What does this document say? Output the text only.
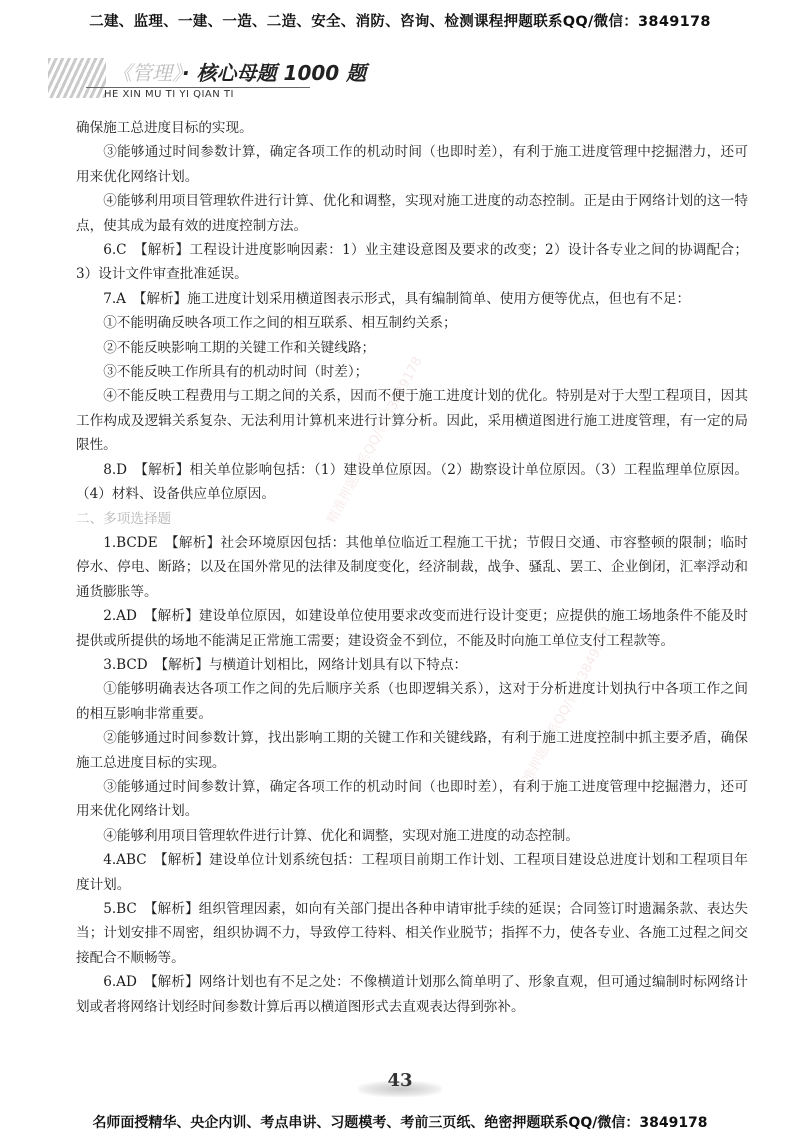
二建、监理、一建、一造、二造、安全、消防、咨询、检测课程押题联系QQ/微信：3849178
《管理》· 核心母题 1000 题
HE XIN MU TI YI QIAN TI
精准押题联系QQ/微信3849178
精准押题联系QQ/微信3849178

确保施工总进度目标的实现。

③能够通过时间参数计算，确定各项工作的机动时间（也即时差），有利于施工进度管理中挖掘潜力，还可用来优化网络计划。

④能够利用项目管理软件进行计算、优化和调整，实现对施工进度的动态控制。正是由于网络计划的这一特点，使其成为最有效的进度控制方法。

6.C　【解析】工程设计进度影响因素：1）业主建设意图及要求的改变；2）设计各专业之间的协调配合；3）设计文件审查批准延误。

7.A　【解析】施工进度计划采用横道图表示形式，具有编制简单、使用方便等优点，但也有不足：

①不能明确反映各项工作之间的相互联系、相互制约关系；

②不能反映影响工期的关键工作和关键线路；

③不能反映工作所具有的机动时间（时差）；

④不能反映工程费用与工期之间的关系，因而不便于施工进度计划的优化。特别是对于大型工程项目，因其工作构成及逻辑关系复杂、无法利用计算机来进行计算分析。因此，采用横道图进行施工进度管理，有一定的局限性。

8.D　【解析】相关单位影响包括：（1）建设单位原因。（2）勘察设计单位原因。（3）工程监理单位原因。（4）材料、设备供应单位原因。

二、多项选择题

1.BCDE　【解析】社会环境原因包括：其他单位临近工程施工干扰；节假日交通、市容整顿的限制；临时停水、停电、断路；以及在国外常见的法律及制度变化，经济制裁，战争、骚乱、罢工、企业倒闭，汇率浮动和通货膨胀等。

2.AD　【解析】建设单位原因，如建设单位使用要求改变而进行设计变更；应提供的施工场地条件不能及时提供或所提供的场地不能满足正常施工需要；建设资金不到位，不能及时向施工单位支付工程款等。

3.BCD　【解析】与横道计划相比，网络计划具有以下特点：

①能够明确表达各项工作之间的先后顺序关系（也即逻辑关系），这对于分析进度计划执行中各项工作之间的相互影响非常重要。

②能够通过时间参数计算，找出影响工期的关键工作和关键线路，有利于施工进度控制中抓主要矛盾，确保施工总进度目标的实现。

③能够通过时间参数计算，确定各项工作的机动时间（也即时差），有利于施工进度管理中挖掘潜力，还可用来优化网络计划。

④能够利用项目管理软件进行计算、优化和调整，实现对施工进度的动态控制。

4.ABC　【解析】建设单位计划系统包括：工程项目前期工作计划、工程项目建设总进度计划和工程项目年度计划。

5.BC　【解析】组织管理因素，如向有关部门提出各种申请审批手续的延误；合同签订时遗漏条款、表达失当；计划安排不周密，组织协调不力，导致停工待料、相关作业脱节；指挥不力，使各专业、各施工过程之间交接配合不顺畅等。

6.AD　【解析】网络计划也有不足之处：不像横道计划那么简单明了、形象直观，但可通过编制时标网络计划或者将网络计划经时间参数计算后再以横道图形式去直观表达得到弥补。

43
名师面授精华、央企内训、考点串讲、习题模考、考前三页纸、绝密押题联系QQ/微信：3849178
